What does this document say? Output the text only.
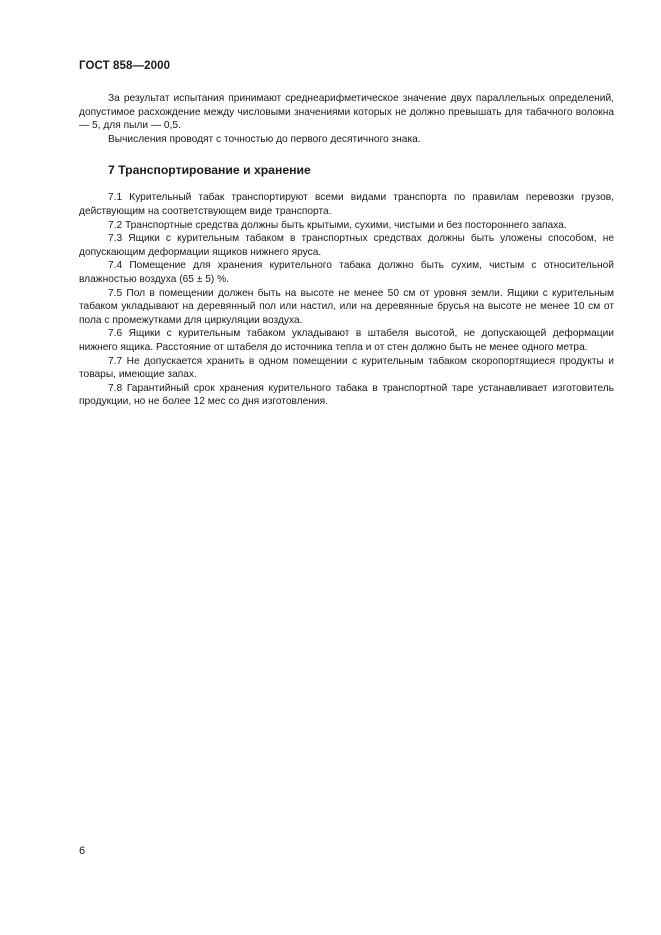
ГОСТ 858—2000

За результат испытания принимают среднеарифметическое значение двух параллельных определений, допустимое расхождение между числовыми значениями которых не должно превышать для табачного волокна — 5, для пыли — 0,5.

Вычисления проводят с точностью до первого десятичного знака.

7 Транспортирование и хранение

7.1 Курительный табак транспортируют всеми видами транспорта по правилам перевозки грузов, действующим на соответствующем виде транспорта.

7.2 Транспортные средства должны быть крытыми, сухими, чистыми и без постороннего запаха.

7.3 Ящики с курительным табаком в транспортных средствах должны быть уложены способом, не допускающим деформации ящиков нижнего яруса.

7.4 Помещение для хранения курительного табака должно быть сухим, чистым с относительной влажностью воздуха (65 ± 5) %.

7.5 Пол в помещении должен быть на высоте не менее 50 см от уровня земли. Ящики с курительным табаком укладывают на деревянный пол или настил, или на деревянные брусья на высоте не менее 10 см от пола с промежутками для циркуляции воздуха.

7.6 Ящики с курительным табаком укладывают в штабеля высотой, не допускающей деформации нижнего ящика. Расстояние от штабеля до источника тепла и от стен должно быть не менее одного метра.

7.7 Не допускается хранить в одном помещении с курительным табаком скоропортящиеся продукты и товары, имеющие запах.

7.8 Гарантийный срок хранения курительного табака в транспортной таре устанавливает изготовитель продукции, но не более 12 мес со дня изготовления.

6
